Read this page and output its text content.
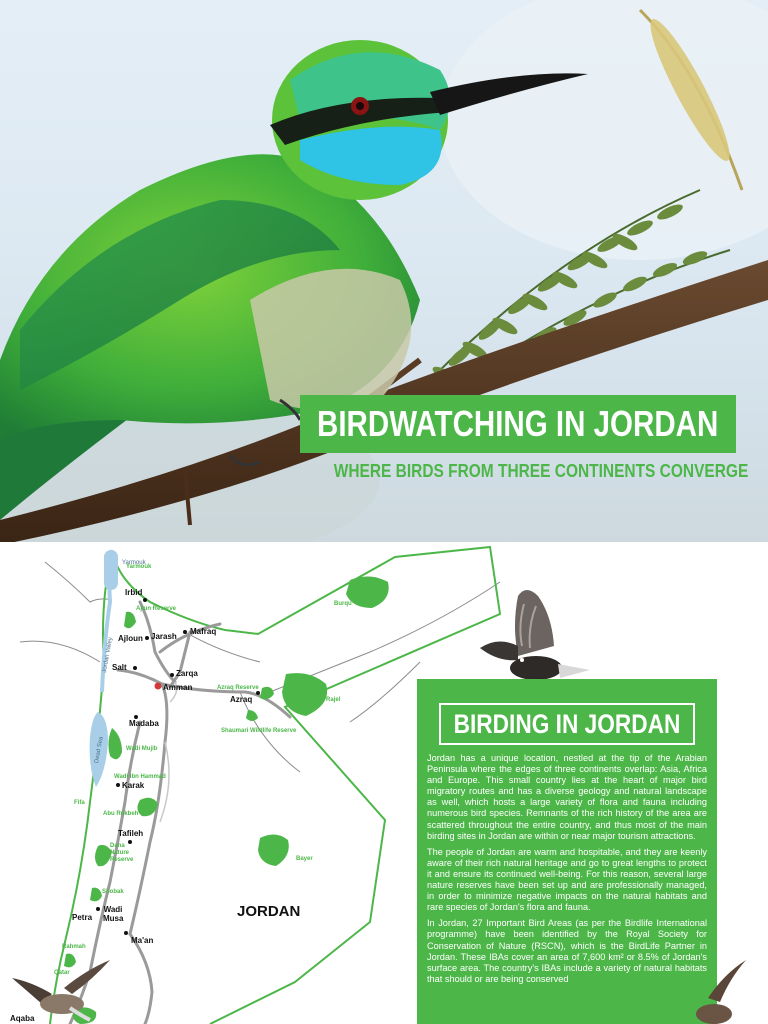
BIRDWATCHING IN JORDAN
WHERE BIRDS FROM THREE CONTINENTS CONVERGE
Yarmouk
Jordan Valley
Dead Sea
Irbid
Ajloun Jarash
Mafraq
Salt
Zarqa
Amman
Azraq
Madaba
Karak
Tafileh
Wadi Musa
Petra
Ma'an
Aqaba
Yarmouk
Ajlun Reserve
Burqu
Azraq Reserve
Rajel
Shaumari Wildlife Reserve
Wadi Mujib
Wadi Ibn Hammad
Fifa
Abu Rukbeh
Dana Nature Reserve	Bayer
Shobak
Rahmah
Qatar
JORDAN
BIRDING IN JORDAN

Jordan has a unique location, nestled at the tip of the Arabian Peninsula where the edges of three continents overlap: Asia, Africa and Europe. This small country lies at the heart of major bird migratory routes and has a diverse geology and natural landscape as well, which hosts a large variety of flora and fauna including numerous bird species. Remnants of the rich history of the area are scattered throughout the entire country, and thus most of the main birding sites in Jordan are within or near major tourism attractions.

The people of Jordan are warm and hospitable, and they are keenly aware of their rich natural heritage and go to great lengths to protect it and ensure its continued well-being. For this reason, several large nature reserves have been set up and are professionally managed, in order to minimize negative impacts on the natural habitats and rare species of Jordan's flora and fauna.

In Jordan, 27 Important Bird Areas (as per the Birdlife International programme) have been identified by the Royal Society for Conservation of Nature (RSCN), which is the BirdLife Partner in Jordan. These IBAs cover an area of 7,600 km² or 8.5% of Jordan's surface area. The country's IBAs include a variety of natural habitats that should or are being conserved
